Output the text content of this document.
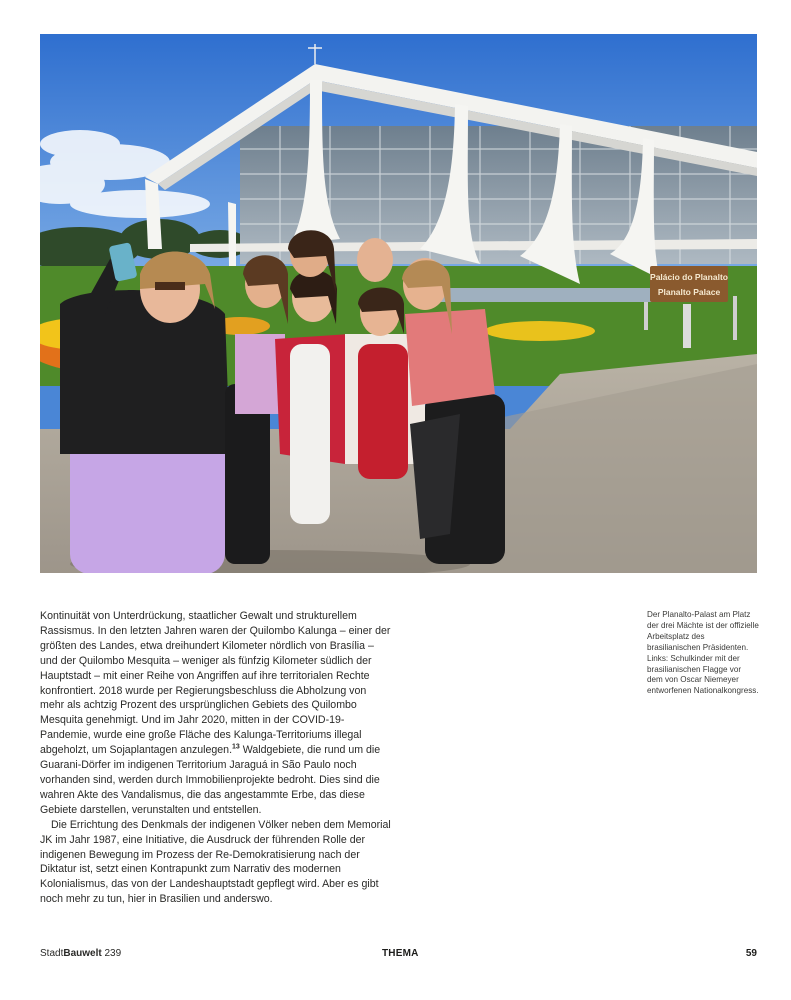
Palácio do Planalto
Planalto Palace

Kontinuität von Unterdrückung, staatlicher Gewalt und strukturellem Rassismus. In den letzten Jahren waren der Quilombo Kalunga – einer der größten des Landes, etwa dreihundert Kilometer nördlich von Brasília – und der Quilombo Mesquita – weniger als fünfzig Kilometer südlich der Hauptstadt – mit einer Reihe von Angriffen auf ihre territorialen Rechte konfrontiert. 2018 wurde per Regierungsbeschluss die Abholzung von mehr als achtzig Prozent des ursprünglichen Gebiets des Quilombo Mesquita genehmigt. Und im Jahr 2020, mitten in der COVID-19-Pandemie, wurde eine große Fläche des Kalunga-Territoriums illegal abgeholzt, um Sojaplantagen anzulegen.$^{13}$ Waldgebiete, die rund um die Guarani-Dörfer im indigenen Territorium Jaraguá in São Paulo noch vorhanden sind, werden durch Immobilienprojekte bedroht. Dies sind die wahren Akte des Vandalismus, die das angestammte Erbe, das diese Gebiete darstellen, verunstalten und entstellen.

Die Errichtung des Denkmals der indigenen Völker neben dem Memorial JK im Jahr 1987, eine Initiative, die Ausdruck der führenden Rolle der indigenen Bewegung im Prozess der Re-Demokratisierung nach der Diktatur ist, setzt einen Kontrapunkt zum Narrativ des modernen Kolonialismus, das von der Landeshauptstadt gepflegt wird. Aber es gibt noch mehr zu tun, hier in Brasilien und anderswo.

Der Planalto-Palast am Platz der drei Mächte ist der offizielle Arbeitsplatz des brasilianischen Präsidenten.
Links: Schulkinder mit der brasilianischen Flagge vor dem von Oscar Niemeyer entworfenen Nationalkongress.
StadtBauwelt 239	THEMA	59
